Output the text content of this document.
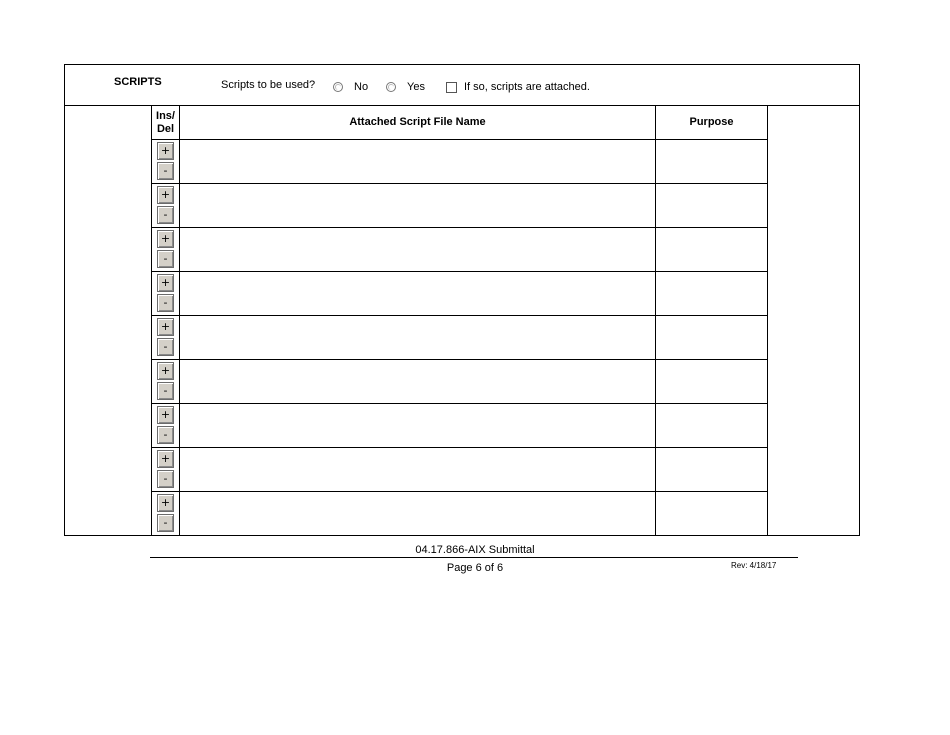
SCRIPTS	Scripts to be used?	No	Yes	If so, scripts are attached.
Ins/ Del	Attached Script File Name	Purpose

+
-		

+
-		

+
-		

+
-		

+
-		

+
-		

+
-		

+
-		

+
-		

04.17.866-AIX Submittal
Page 6 of 6	Rev: 4/18/17
